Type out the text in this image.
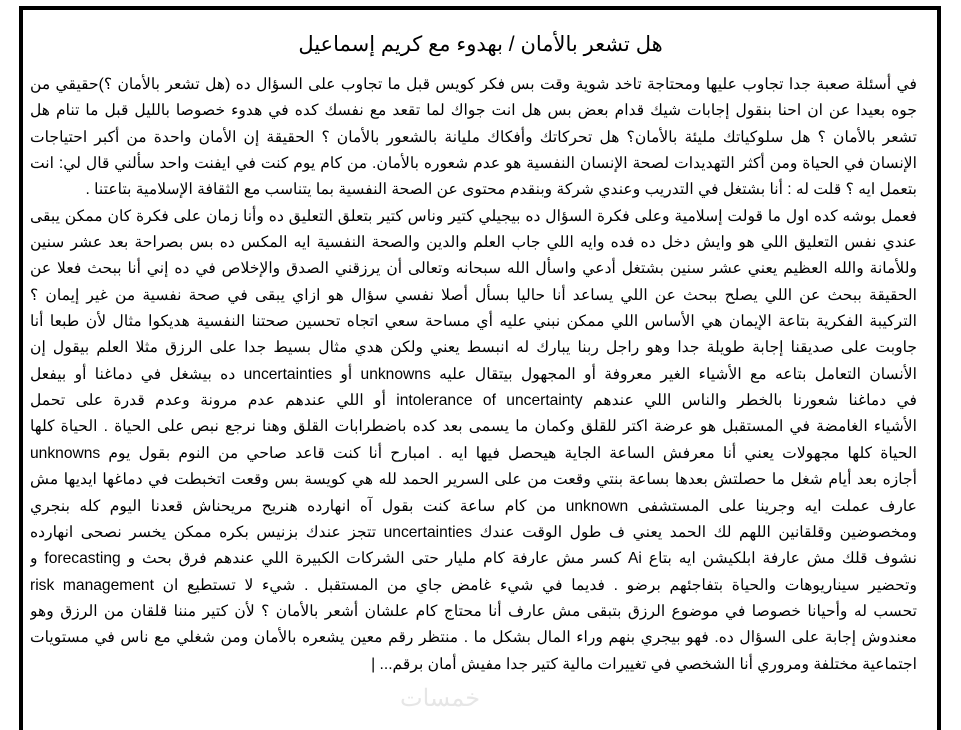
هل تشعر بالأمان / بهدوء مع كريم إسماعيل
في أسئلة صعبة جدا تجاوب عليها ومحتاجة تاخد شوية وقت بس فكر كويس قبل ما تجاوب على السؤال ده (هل تشعر بالأمان ؟)حقيقي من
جوه بعيدا عن ان احنا بنقول إجابات شيك قدام بعض بس هل انت جواك لما تقعد مع نفسك كده في هدوء خصوصا بالليل قبل ما تنام هل
تشعر بالأمان ؟ هل سلوكياتك مليئة بالأمان؟ هل تحركاتك وأفكاك مليانة بالشعور بالأمان ؟ الحقيقة إن الأمان واحدة من أكبر احتياجات
الإنسان في الحياة ومن أكثر التهديدات لصحة الإنسان النفسية هو عدم شعوره بالأمان. من كام يوم كنت في ايفنت واحد سألني قال لي: انت
بتعمل ايه ؟ قلت له : أنا بشتغل في التدريب وعندي شركة وبنقدم محتوى عن الصحة النفسية بما يتناسب مع الثقافة الإسلامية بتاعتنا .
فعمل بوشه كده اول ما قولت إسلامية وعلى فكرة السؤال ده بيجيلي كتير وناس كتير بتعلق التعليق ده وأنا زمان على فكرة كان ممكن يبقى
عندي نفس التعليق اللي هو وايش دخل ده فده وايه اللي جاب العلم والدين والصحة النفسية ايه المكس ده بس بصراحة بعد عشر سنين
وللأمانة والله العظيم يعني عشر سنين بشتغل أدعي واسأل الله سبحانه وتعالى أن يرزقني الصدق والإخلاص في ده إني أنا ببحث فعلا عن
الحقيقة ببحث عن اللي يصلح ببحث عن اللي يساعد أنا حاليا بسأل أصلا نفسي سؤال هو ازاي يبقى في صحة نفسية من غير إيمان ؟
التركيبة الفكرية بتاعة الإيمان هي الأساس اللي ممكن نبني عليه أي مساحة سعي اتجاه تحسين صحتنا النفسية هديكوا مثال لأن طبعا أنا
جاوبت على صديقنا إجابة طويلة جدا وهو راجل ربنا يبارك له انبسط يعني ولكن هدي مثال بسيط جدا على الرزق مثلا العلم بيقول إن
الأنسان التعامل بتاعه مع الأشياء الغير معروفة أو المجهول بيتقال عليه unknowns أو uncertainties ده بيشغل في دماغنا أو بيفعل
في دماغنا شعورنا بالخطر والناس اللي عندهم intolerance of uncertainty أو اللي عندهم عدم مرونة وعدم قدرة على تحمل
الأشياء الغامضة في المستقبل هو عرضة اكتر للقلق وكمان ما يسمى بعد كده باضطرابات القلق وهنا نرجع نبص على الحياة . الحياة كلها
unknowns الحياة كلها مجهولات يعني أنا معرفش الساعة الجاية هيحصل فيها ايه . امبارح أنا كنت قاعد صاحي من النوم بقول يوم
أجازه بعد أيام شغل ما حصلتش بعدها بساعة بنتي وقعت من على السرير الحمد لله هي كويسة بس وقعت اتخبطت في دماغها ايديها مش
عارف عملت ايه وجرينا على المستشفى unknown من كام ساعة كنت بقول آه انهارده هنريح مريحناش قعدنا اليوم كله بنجري
ومخصوضين وقلقانين اللهم لك الحمد يعني ف طول الوقت عندك uncertainties تتجز عندك بزنيس بكره ممكن يخسر نصحى انهارده
نشوف قلك مش عارفة ابلكيشن ايه بتاع Ai كسر مش عارفة كام مليار حتى الشركات الكبيرة اللي عندهم فرق بحث و forecasting و
risk management وتحضير سيناريوهات والحياة بتفاجئهم برضو . فديما في شيء غامض جاي من المستقبل . شيء لا تستطيع ان
تحسب له وأحيانا خصوصا في موضوع الرزق بتبقى مش عارف أنا محتاج كام علشان أشعر بالأمان ؟ لأن كتير مننا قلقان من الرزق وهو
معندوش إجابة على السؤال ده. فهو بيجري بنهم وراء المال بشكل ما . منتظر رقم معين يشعره بالأمان ومن شغلي مع ناس في مستويات
اجتماعية مختلفة ومروري أنا الشخصي في تغييرات مالية كتير جدا مفيش أمان برقم... |
خمسات
